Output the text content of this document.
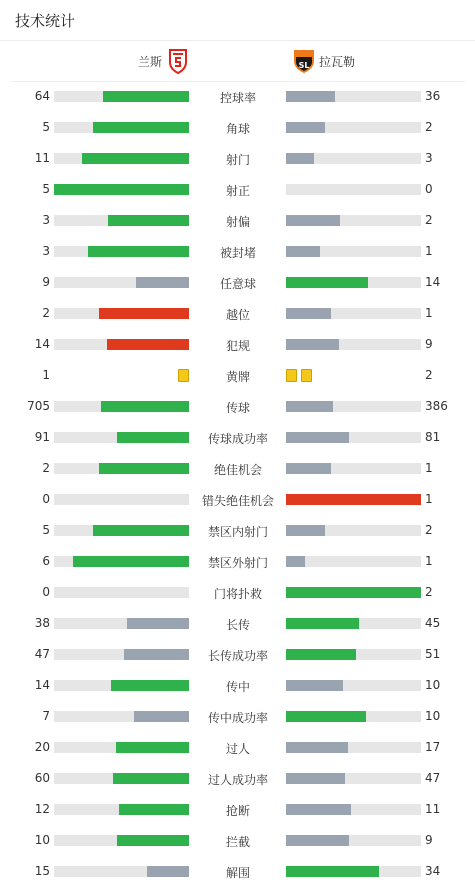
技术统计
兰斯	SL 拉瓦勒
64	控球率	36
5	角球	2
11	射门	3
5	射正	0
3	射偏	2
3	被封堵	1
9	任意球	14
2	越位	1
14	犯规	9
1	黄牌	2
705	传球	386
91	传球成功率	81
2	绝佳机会	1
0	错失绝佳机会	1
5	禁区内射门	2
6	禁区外射门	1
0	门将扑救	2
38	长传	45
47	长传成功率	51
14	传中	10
7	传中成功率	10
20	过人	17
60	过人成功率	47
12	抢断	11
10	拦截	9
15	解围	34
